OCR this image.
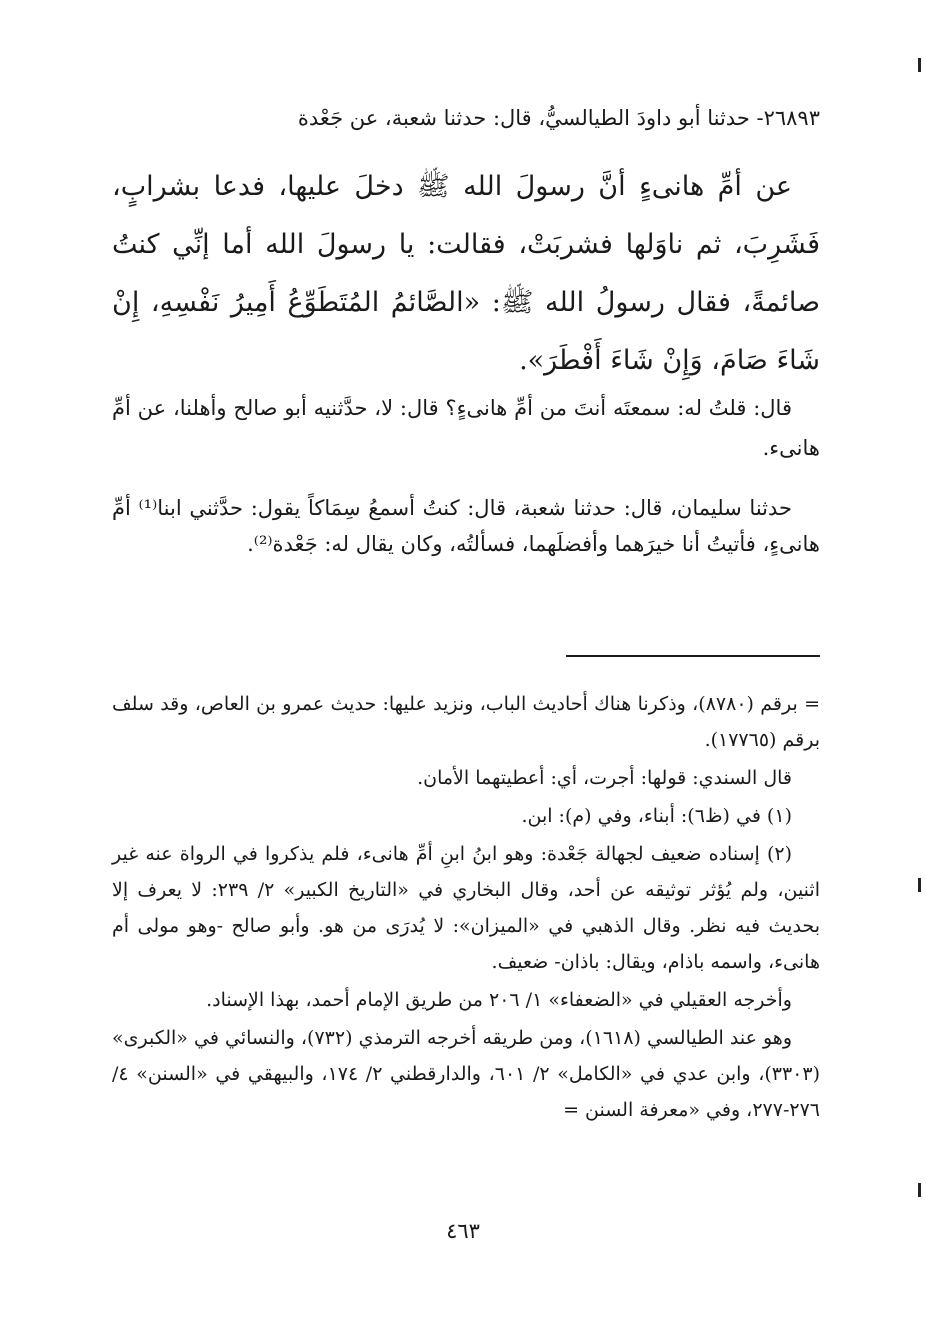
٢٦٨٩٣- حدثنا أبو داودَ الطيالسيُّ، قال: حدثنا شعبة، عن جَعْدة

عن أمِّ هانىءٍ أنَّ رسولَ الله ﷺ دخلَ عليها، فدعا بشرابٍ، فَشَرِبَ، ثم ناوَلها فشربَتْ، فقالت: يا رسولَ الله أما إنِّي كنتُ صائمةً، فقال رسولُ الله ﷺ: «الصَّائمُ المُتَطَوِّعُ أَمِيرُ نَفْسِهِ، إِنْ شَاءَ صَامَ، وَإِنْ شَاءَ أَفْطَرَ».

قال: قلتُ له: سمعتَه أنتَ من أمِّ هانىءٍ؟ قال: لا، حدَّثنيه أبو صالح وأهلنا، عن أمِّ هانىء.

حدثنا سليمان، قال: حدثنا شعبة، قال: كنتُ أسمعُ سِمَاكاً يقول: حدَّثني ابنا⁽¹⁾ أمِّ هانىءٍ، فأتيتُ أنا خيرَهما وأفضلَهما، فسألتُه، وكان يقال له: جَعْدة⁽²⁾.

= برقم (٨٧٨٠)، وذكرنا هناك أحاديث الباب، ونزيد عليها: حديث عمرو بن العاص، وقد سلف برقم (١٧٧٦٥).

قال السندي: قولها: أجرت، أي: أعطيتهما الأمان.

(١) في (ظ٦): أبناء، وفي (م): ابن.

(٢) إسناده ضعيف لجهالة جَعْدة: وهو ابنُ ابنِ أمِّ هانىء، فلم يذكروا في الرواة عنه غير اثنين، ولم يُؤثر توثيقه عن أحد، وقال البخاري في «التاريخ الكبير» ٢/ ٢٣٩: لا يعرف إلا بحديث فيه نظر. وقال الذهبي في «الميزان»: لا يُدرَى من هو. وأبو صالح -وهو مولى أم هانىء، واسمه باذام، ويقال: باذان- ضعيف.

وأخرجه العقيلي في «الضعفاء» ١/ ٢٠٦ من طريق الإمام أحمد، بهذا الإسناد.

وهو عند الطيالسي (١٦١٨)، ومن طريقه أخرجه الترمذي (٧٣٢)، والنسائي في «الكبرى» (٣٣٠٣)، وابن عدي في «الكامل» ٢/ ٦٠١، والدارقطني ٢/ ١٧٤، والبيهقي في «السنن» ٤/ ٢٧٦-٢٧٧، وفي «معرفة السنن =

٤٦٣
